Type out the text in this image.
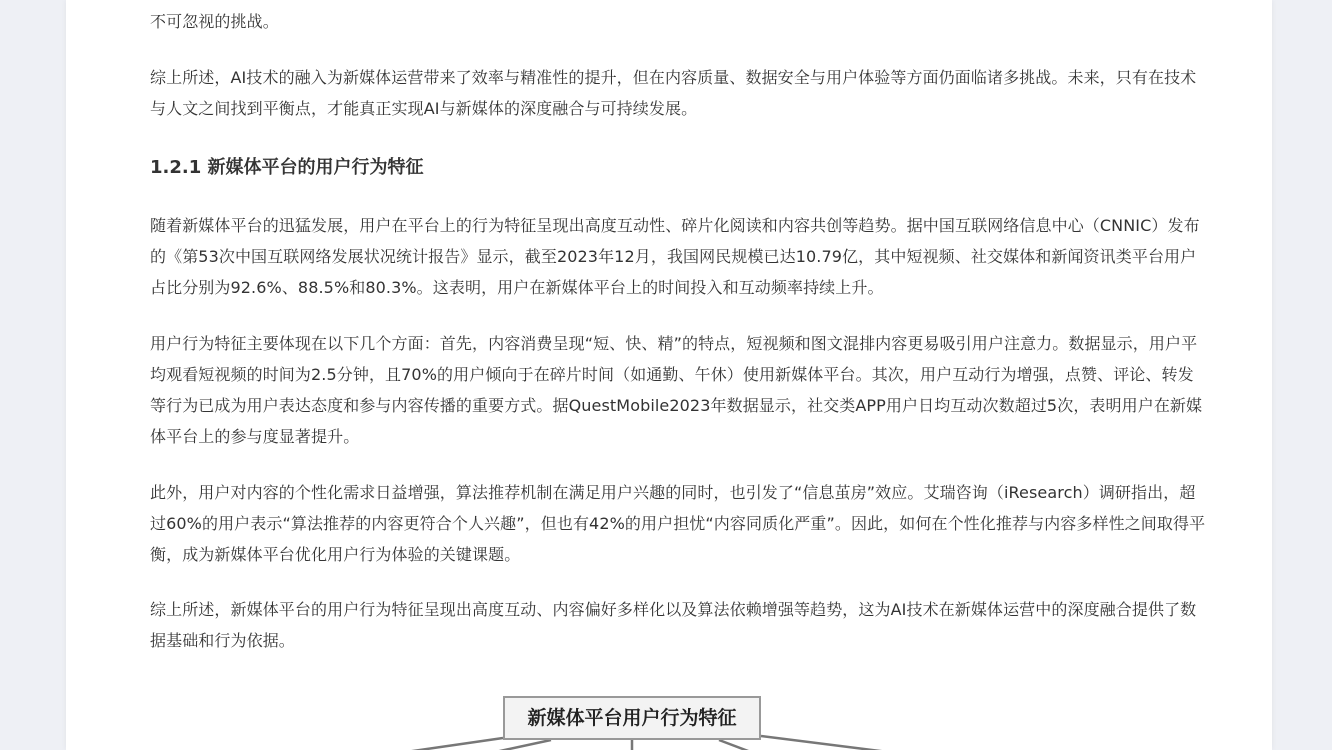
不可忽视的挑战。

综上所述，AI技术的融入为新媒体运营带来了效率与精准性的提升，但在内容质量、数据安全与用户体验等方面仍面临诸多挑战。未来，只有在技术与人文之间找到平衡点，才能真正实现AI与新媒体的深度融合与可持续发展。

1.2.1 新媒体平台的用户行为特征

随着新媒体平台的迅猛发展，用户在平台上的行为特征呈现出高度互动性、碎片化阅读和内容共创等趋势。据中国互联网络信息中心（CNNIC）发布的《第53次中国互联网络发展状况统计报告》显示，截至2023年12月，我国网民规模已达10.79亿，其中短视频、社交媒体和新闻资讯类平台用户占比分别为92.6%、88.5%和80.3%。这表明，用户在新媒体平台上的时间投入和互动频率持续上升。

用户行为特征主要体现在以下几个方面：首先，内容消费呈现“短、快、精”的特点，短视频和图文混排内容更易吸引用户注意力。数据显示，用户平均观看短视频的时间为2.5分钟，且70%的用户倾向于在碎片时间（如通勤、午休）使用新媒体平台。其次，用户互动行为增强，点赞、评论、转发等行为已成为用户表达态度和参与内容传播的重要方式。据QuestMobile2023年数据显示，社交类APP用户日均互动次数超过5次，表明用户在新媒体平台上的参与度显著提升。

此外，用户对内容的个性化需求日益增强，算法推荐机制在满足用户兴趣的同时，也引发了“信息茧房”效应。艾瑞咨询（iResearch）调研指出，超过60%的用户表示“算法推荐的内容更符合个人兴趣”，但也有42%的用户担忧“内容同质化严重”。因此，如何在个性化推荐与内容多样性之间取得平衡，成为新媒体平台优化用户行为体验的关键课题。

综上所述，新媒体平台的用户行为特征呈现出高度互动、内容偏好多样化以及算法依赖增强等趋势，这为AI技术在新媒体运营中的深度融合提供了数据基础和行为依据。

新媒体平台用户行为特征
